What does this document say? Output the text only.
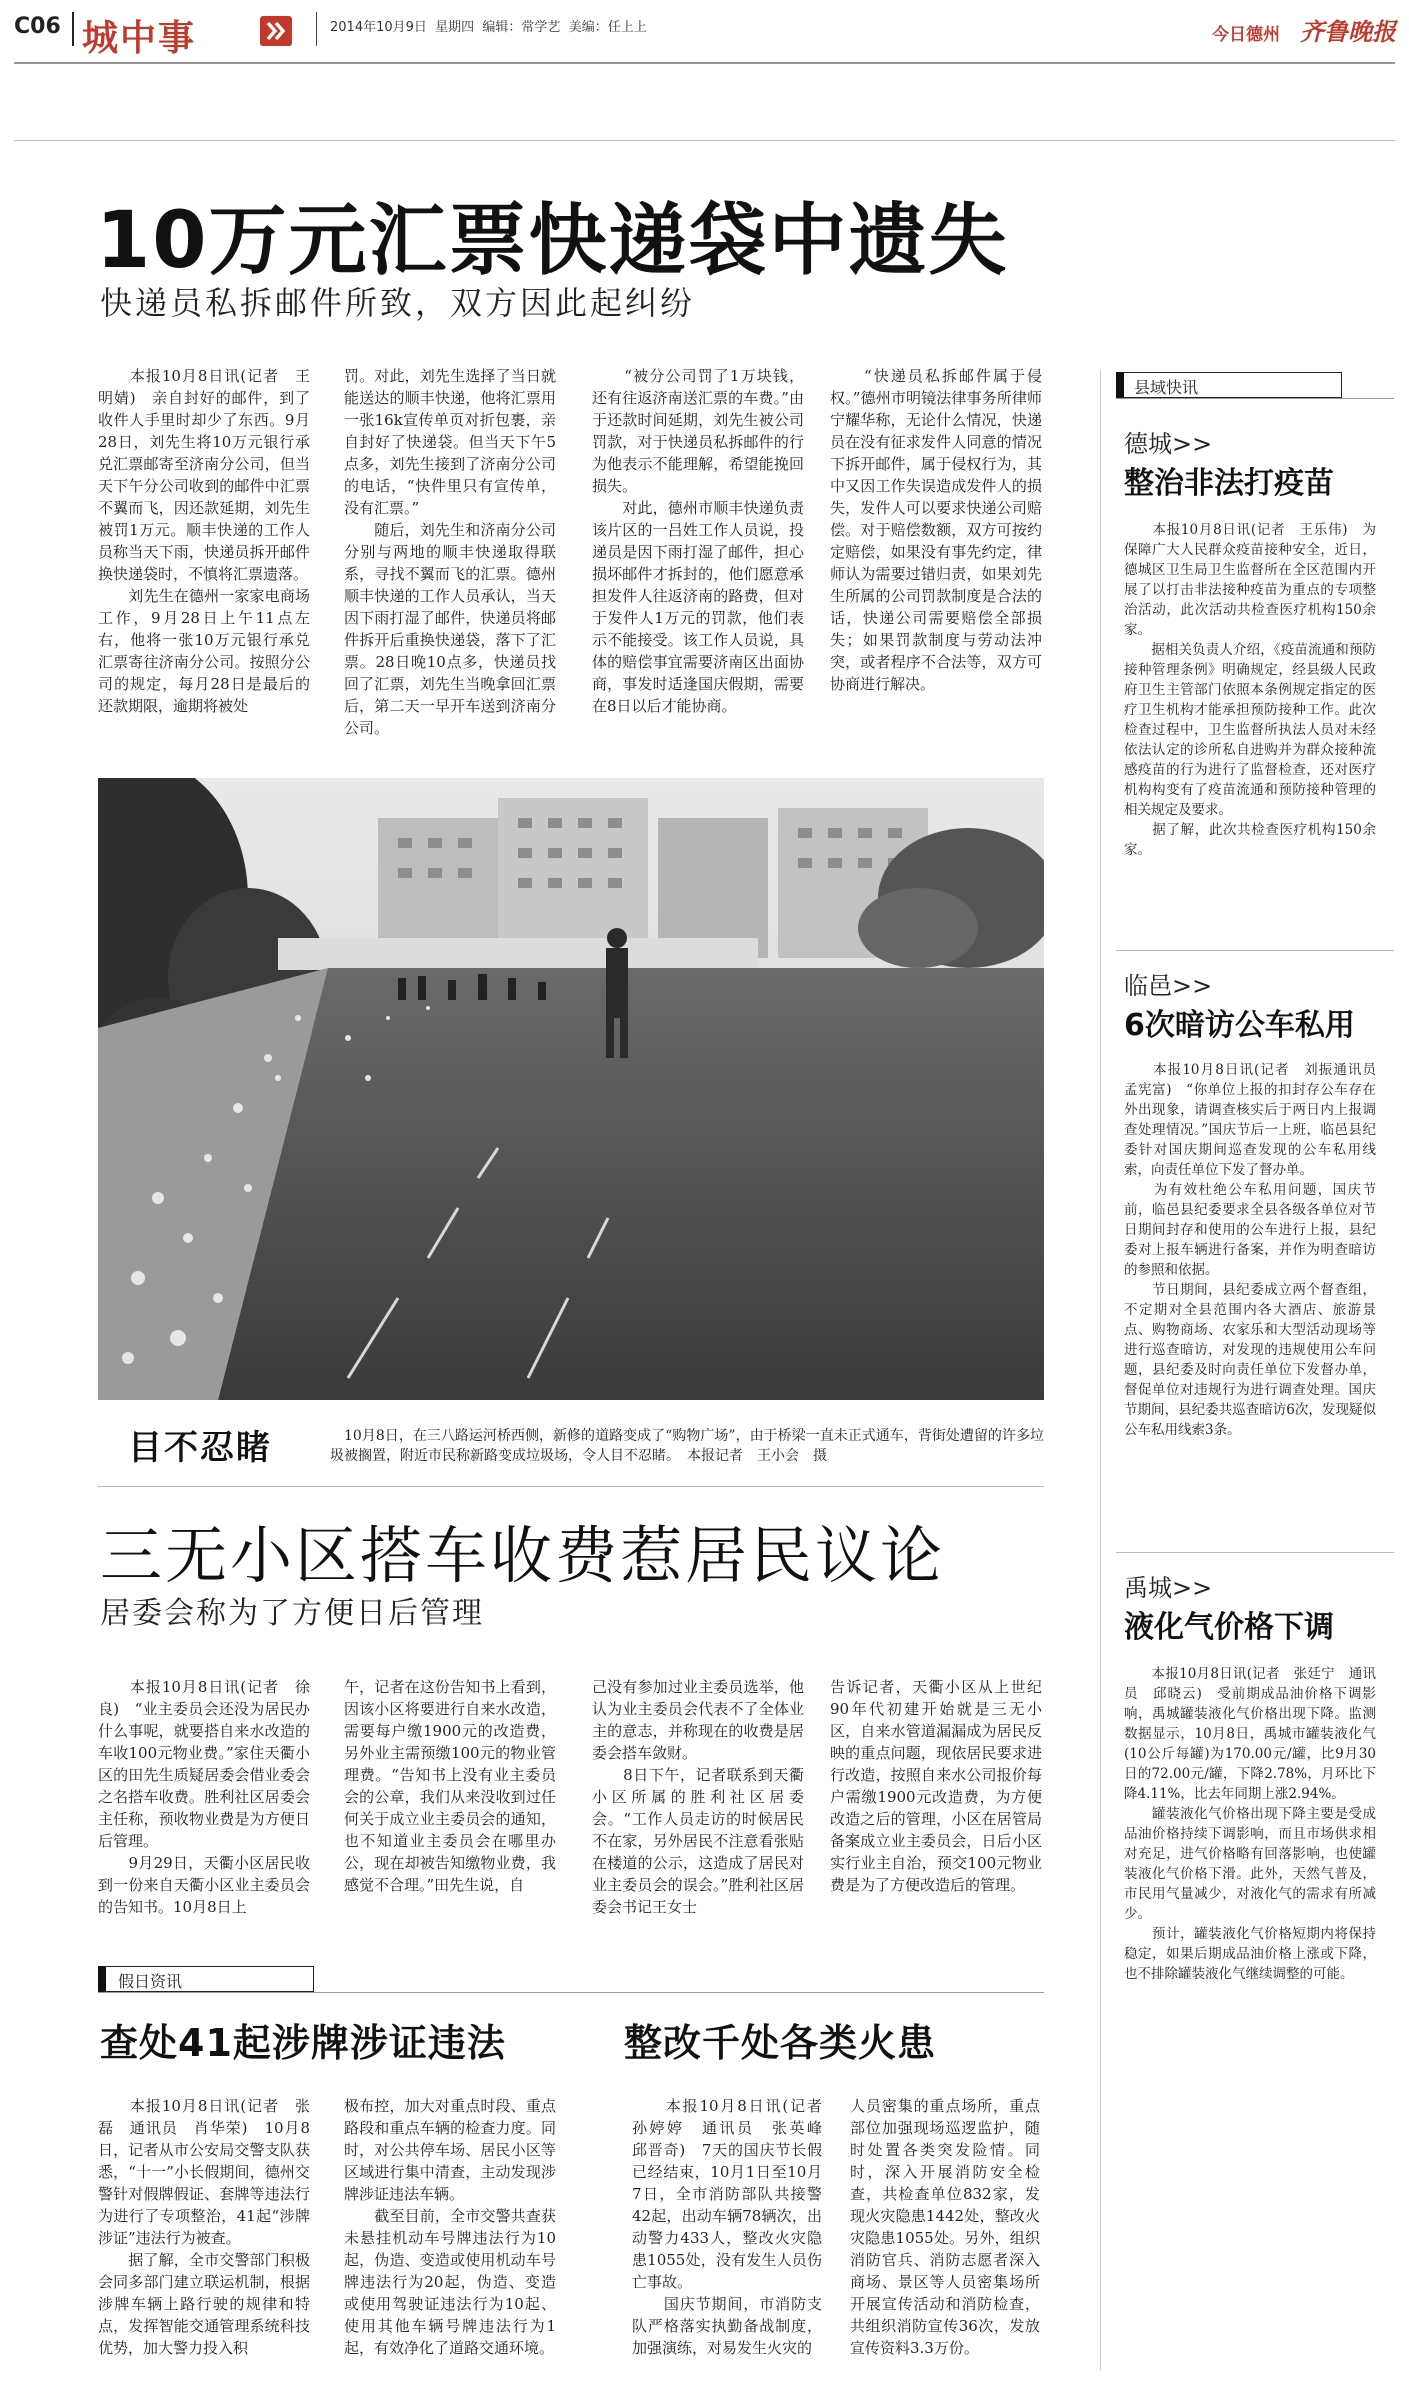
C06 城中事	2014年10月9日  星期四  编辑：常学艺  美编：任上上	今日德州 齐鲁晚报
10万元汇票快递袋中遗失
快递员私拆邮件所致，双方因此起纠纷
　　本报10月8日讯(记者　王明婧)　亲自封好的邮件，到了收件人手里时却少了东西。9月28日，刘先生将10万元银行承兑汇票邮寄至济南分公司，但当天下午分公司收到的邮件中汇票不翼而飞，因还款延期，刘先生被罚1万元。顺丰快递的工作人员称当天下雨，快递员拆开邮件换快递袋时，不慎将汇票遗落。
　　刘先生在德州一家家电商场工作，9月28日上午11点左右，他将一张10万元银行承兑汇票寄往济南分公司。按照分公司的规定，每月28日是最后的还款期限，逾期将被处
罚。对此，刘先生选择了当日就能送达的顺丰快递，他将汇票用一张16k宣传单页对折包裹，亲自封好了快递袋。但当天下午5点多，刘先生接到了济南分公司的电话，“快件里只有宣传单，没有汇票。”
　　随后，刘先生和济南分公司分别与两地的顺丰快递取得联系，寻找不翼而飞的汇票。德州顺丰快递的工作人员承认，当天因下雨打湿了邮件，快递员将邮件拆开后重换快递袋，落下了汇票。28日晚10点多，快递员找回了汇票，刘先生当晚拿回汇票后，第二天一早开车送到济南分公司。
　　“被分公司罚了1万块钱，还有往返济南送汇票的车费。”由于还款时间延期，刘先生被公司罚款，对于快递员私拆邮件的行为他表示不能理解，希望能挽回损失。
　　对此，德州市顺丰快递负责该片区的一吕姓工作人员说，投递员是因下雨打湿了邮件，担心损坏邮件才拆封的，他们愿意承担发件人往返济南的路费，但对于发件人1万元的罚款，他们表示不能接受。该工作人员说，具体的赔偿事宜需要济南区出面协商，事发时适逢国庆假期，需要在8日以后才能协商。
　　“快递员私拆邮件属于侵权。”德州市明镜法律事务所律师宁耀华称，无论什么情况，快递员在没有征求发件人同意的情况下拆开邮件，属于侵权行为，其中又因工作失误造成发件人的损失，发件人可以要求快递公司赔偿。对于赔偿数额，双方可按约定赔偿，如果没有事先约定，律师认为需要过错归责，如果刘先生所属的公司罚款制度是合法的话，快递公司需要赔偿全部损失；如果罚款制度与劳动法冲突，或者程序不合法等，双方可协商进行解决。
目不忍睹	　10月8日，在三八路运河桥西侧，新修的道路变成了“购物广场”，由于桥梁一直未正式通车，背街处遭留的许多垃圾被搁置，附近市民称新路变成垃圾场，令人目不忍睹。　本报记者　王小会　摄
三无小区搭车收费惹居民议论
居委会称为了方便日后管理
　　本报10月8日讯(记者　徐良)　“业主委员会还没为居民办什么事呢，就要搭自来水改造的车收100元物业费。”家住天衢小区的田先生质疑居委会借业委会之名搭车收费。胜利社区居委会主任称，预收物业费是为方便日后管理。
　　9月29日，天衢小区居民收到一份来自天衢小区业主委员会的告知书。10月8日上
午，记者在这份告知书上看到，因该小区将要进行自来水改造，需要每户缴1900元的改造费，另外业主需预缴100元的物业管理费。“告知书上没有业主委员会的公章，我们从来没收到过任何关于成立业主委员会的通知，也不知道业主委员会在哪里办公，现在却被告知缴物业费，我感觉不合理。”田先生说，自
己没有参加过业主委员选举，他认为业主委员会代表不了全体业主的意志，并称现在的收费是居委会搭车敛财。
　　8日下午，记者联系到天衢小区所属的胜利社区居委会。“工作人员走访的时候居民不在家，另外居民不注意看张贴在楼道的公示，这造成了居民对业主委员会的误会。”胜利社区居委会书记王女士
告诉记者，天衢小区从上世纪90年代初建开始就是三无小区，自来水管道漏漏成为居民反映的重点问题，现依居民要求进行改造，按照自来水公司报价每户需缴1900元改造费，为方便改造之后的管理，小区在居管局备案成立业主委员会，日后小区实行业主自治，预交100元物业费是为了方便改造后的管理。
假日资讯
查处41起涉牌涉证违法
　　本报10月8日讯(记者　张磊　通讯员　肖华荣)　10月8日，记者从市公安局交警支队获悉，“十一”小长假期间，德州交警针对假牌假证、套牌等违法行为进行了专项整治，41起“涉牌涉证”违法行为被查。
　　据了解，全市交警部门积极会同多部门建立联运机制，根据涉牌车辆上路行驶的规律和特点，发挥智能交通管理系统科技优势，加大警力投入积
极布控，加大对重点时段、重点路段和重点车辆的检查力度。同时，对公共停车场、居民小区等区域进行集中清查，主动发现涉牌涉证违法车辆。
　　截至目前，全市交警共查获未悬挂机动车号牌违法行为10起，伪造、变造或使用机动车号牌违法行为20起，伪造、变造或使用驾驶证违法行为10起、使用其他车辆号牌违法行为1起，有效净化了道路交通环境。
整改千处各类火患
　　本报10月8日讯(记者　孙婷婷　通讯员　张英峰　邱晋奇)　7天的国庆节长假已经结束，10月1日至10月7日，全市消防部队共接警42起，出动车辆78辆次，出动警力433人，整改火灾隐患1055处，没有发生人员伤亡事故。
　　国庆节期间，市消防支队严格落实执勤备战制度，加强演练，对易发生火灾的
人员密集的重点场所，重点部位加强现场巡逻监护，随时处置各类突发险情。同时，深入开展消防安全检查，共检查单位832家，发现火灾隐患1442处，整改火灾隐患1055处。另外，组织消防官兵、消防志愿者深入商场、景区等人员密集场所开展宣传活动和消防检查，共组织消防宣传36次，发放宣传资料3.3万份。
县域快讯
德城>>
整治非法打疫苗
　　本报10月8日讯(记者　王乐伟)　为保障广大人民群众疫苗接种安全，近日，德城区卫生局卫生监督所在全区范围内开展了以打击非法接种疫苗为重点的专项整治活动，此次活动共检查医疗机构150余家。
　　据相关负责人介绍，《疫苗流通和预防接种管理条例》明确规定，经县级人民政府卫生主管部门依照本条例规定指定的医疗卫生机构才能承担预防接种工作。此次检查过程中，卫生监督所执法人员对未经依法认定的诊所私自进购并为群众接种流感疫苗的行为进行了监督检查，还对医疗机构构变有了疫苗流通和预防接种管理的相关规定及要求。
　　据了解，此次共检查医疗机构150余家。
临邑>>
6次暗访公车私用
　　本报10月8日讯(记者　刘振通讯员　孟宪富)　“你单位上报的扣封存公车存在外出现象，请调查核实后于两日内上报调查处理情况。”国庆节后一上班，临邑县纪委针对国庆期间巡查发现的公车私用线索，向责任单位下发了督办单。
　　为有效杜绝公车私用问题，国庆节前，临邑县纪委要求全县各级各单位对节日期间封存和使用的公车进行上报，县纪委对上报车辆进行备案，并作为明查暗访的参照和依据。
　　节日期间，县纪委成立两个督查组，不定期对全县范围内各大酒店、旅游景点、购物商场、农家乐和大型活动现场等进行巡查暗访，对发现的违规使用公车问题，县纪委及时向责任单位下发督办单，督促单位对违规行为进行调查处理。国庆节期间，县纪委共巡查暗访6次，发现疑似公车私用线索3条。
禹城>>
液化气价格下调
　　本报10月8日讯(记者　张廷宁　通讯员　邱晓云)　受前期成品油价格下调影响，禹城罐装液化气价格出现下降。监测数据显示，10月8日，禹城市罐装液化气(10公斤每罐)为170.00元/罐，比9月30日的72.00元/罐，下降2.78%，月环比下降4.11%，比去年同期上涨2.94%。
　　罐装液化气价格出现下降主要是受成品油价格持续下调影响，而且市场供求相对充足，进气价格略有回落影响，也使罐装液化气价格下滑。此外，天然气普及，市民用气量减少，对液化气的需求有所减少。
　　预计，罐装液化气价格短期内将保持稳定，如果后期成品油价格上涨或下降，也不排除罐装液化气继续调整的可能。
